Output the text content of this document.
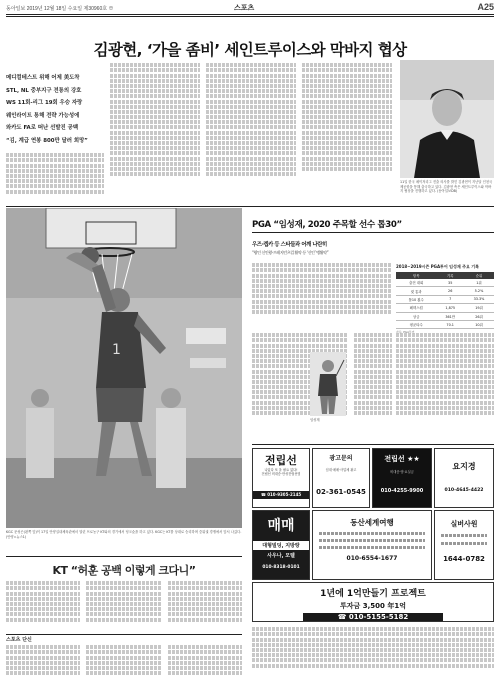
동아일보 2019년 12월 18일 수요일 제30960호 ⊕	스포츠	A25
김광현, ‘가을 좀비’ 세인트루이스와 막바지 협상
메디컬테스트 위해 어제 美도착
STL, NL 중부지구 전통의 강호
WS 11회-리그 19회 우승 자랑
웨인라이트 통해 전략 가능성에
와카도 FA로 떠난 선발진 공백
“김, 계급 연봉 800만 달러 희망”
11일 한국 메이저리그 진출 의사를 밝힌 김광현이 지난달 인천국제공항을 통해 출국하고 있다. 김광현 측은 세인트루이스와 막바지 협상을 진행하고 있다. (동아일보DB)
1
KGC 문성곤(왼쪽 앞)이 17일 안양실내체육관에서 열린 프로농구 KT와의 경기에서 덩크슛을 하고 있다. KGC는 KT를 상대로 승리하며 중위권 경쟁에서 앞서 나갔다. (안양=뉴스1)
PGA “임성재, 2020 주목할 선수 톱30”
우즈·켑카 등 스타들과 어깨 나란히
“왕인 신인왕-프레지던츠컵 활약 등 ‘신인’ 맹활약”
2018~2019시즌 PGA투어 임성재 주요 기록
항목	기록	순위
출전 대회	35	1위
컷 통과	26	5.2%
톱10 횟수	7	33.3%
페덱스컵	1,875	19위
상금	361만	26위
평균타수	70.1	10위
임성재
전립선
나았다 또 올 필요 없다!
전립선 비대증·만성전립선염
☎ 010-9305-2145
광고문의
임대·매매·사업체 광고
02-361-0545
전립선 ★★
비대증·염·요실금
010-4255-9900
요지경
010-4645-4422
매매
대형빌딩, 지방땅
사우나, 모텔
010-8318-0101
동산세계여행
010-6554-1677
실버사원
1644-0782
1년에 1억만들기 프로젝트
투자금 3,500 年1억
☎ 010-5155-5182
KT “허훈 공백 이렇게 크다니”
스포츠 단신
